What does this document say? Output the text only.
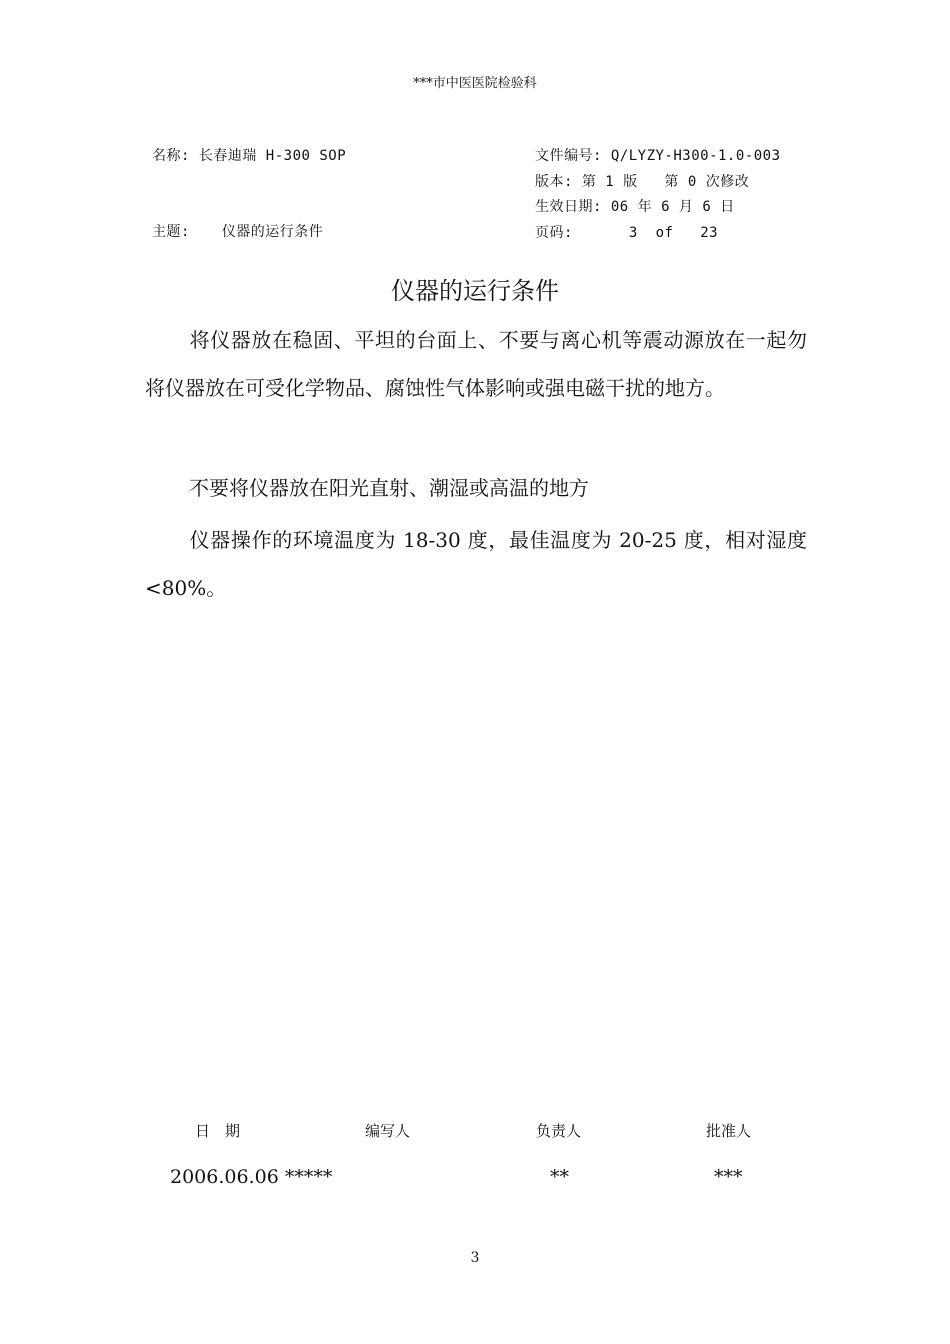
***市中医医院检验科
名称: 长春迪瑞 H-300 SOP
主题: 仪器的运行条件
文件编号: Q/LYZY-H300-1.0-003
版本: 第 1 版   第 0 次修改
生效日期: 06 年 6 月 6 日
页码:	3  of   23
仪器的运行条件
将仪器放在稳固、平坦的台面上、不要与离心机等震动源放在一起勿将仪器放在可受化学物品、腐蚀性气体影响或强电磁干扰的地方。
不要将仪器放在阳光直射、潮湿或高温的地方
仪器操作的环境温度为 18-30 度，最佳温度为 20-25 度，相对湿度<80%。
日　期	编写人	负责人	批准人
2006.06.06 *****	**	***
3
